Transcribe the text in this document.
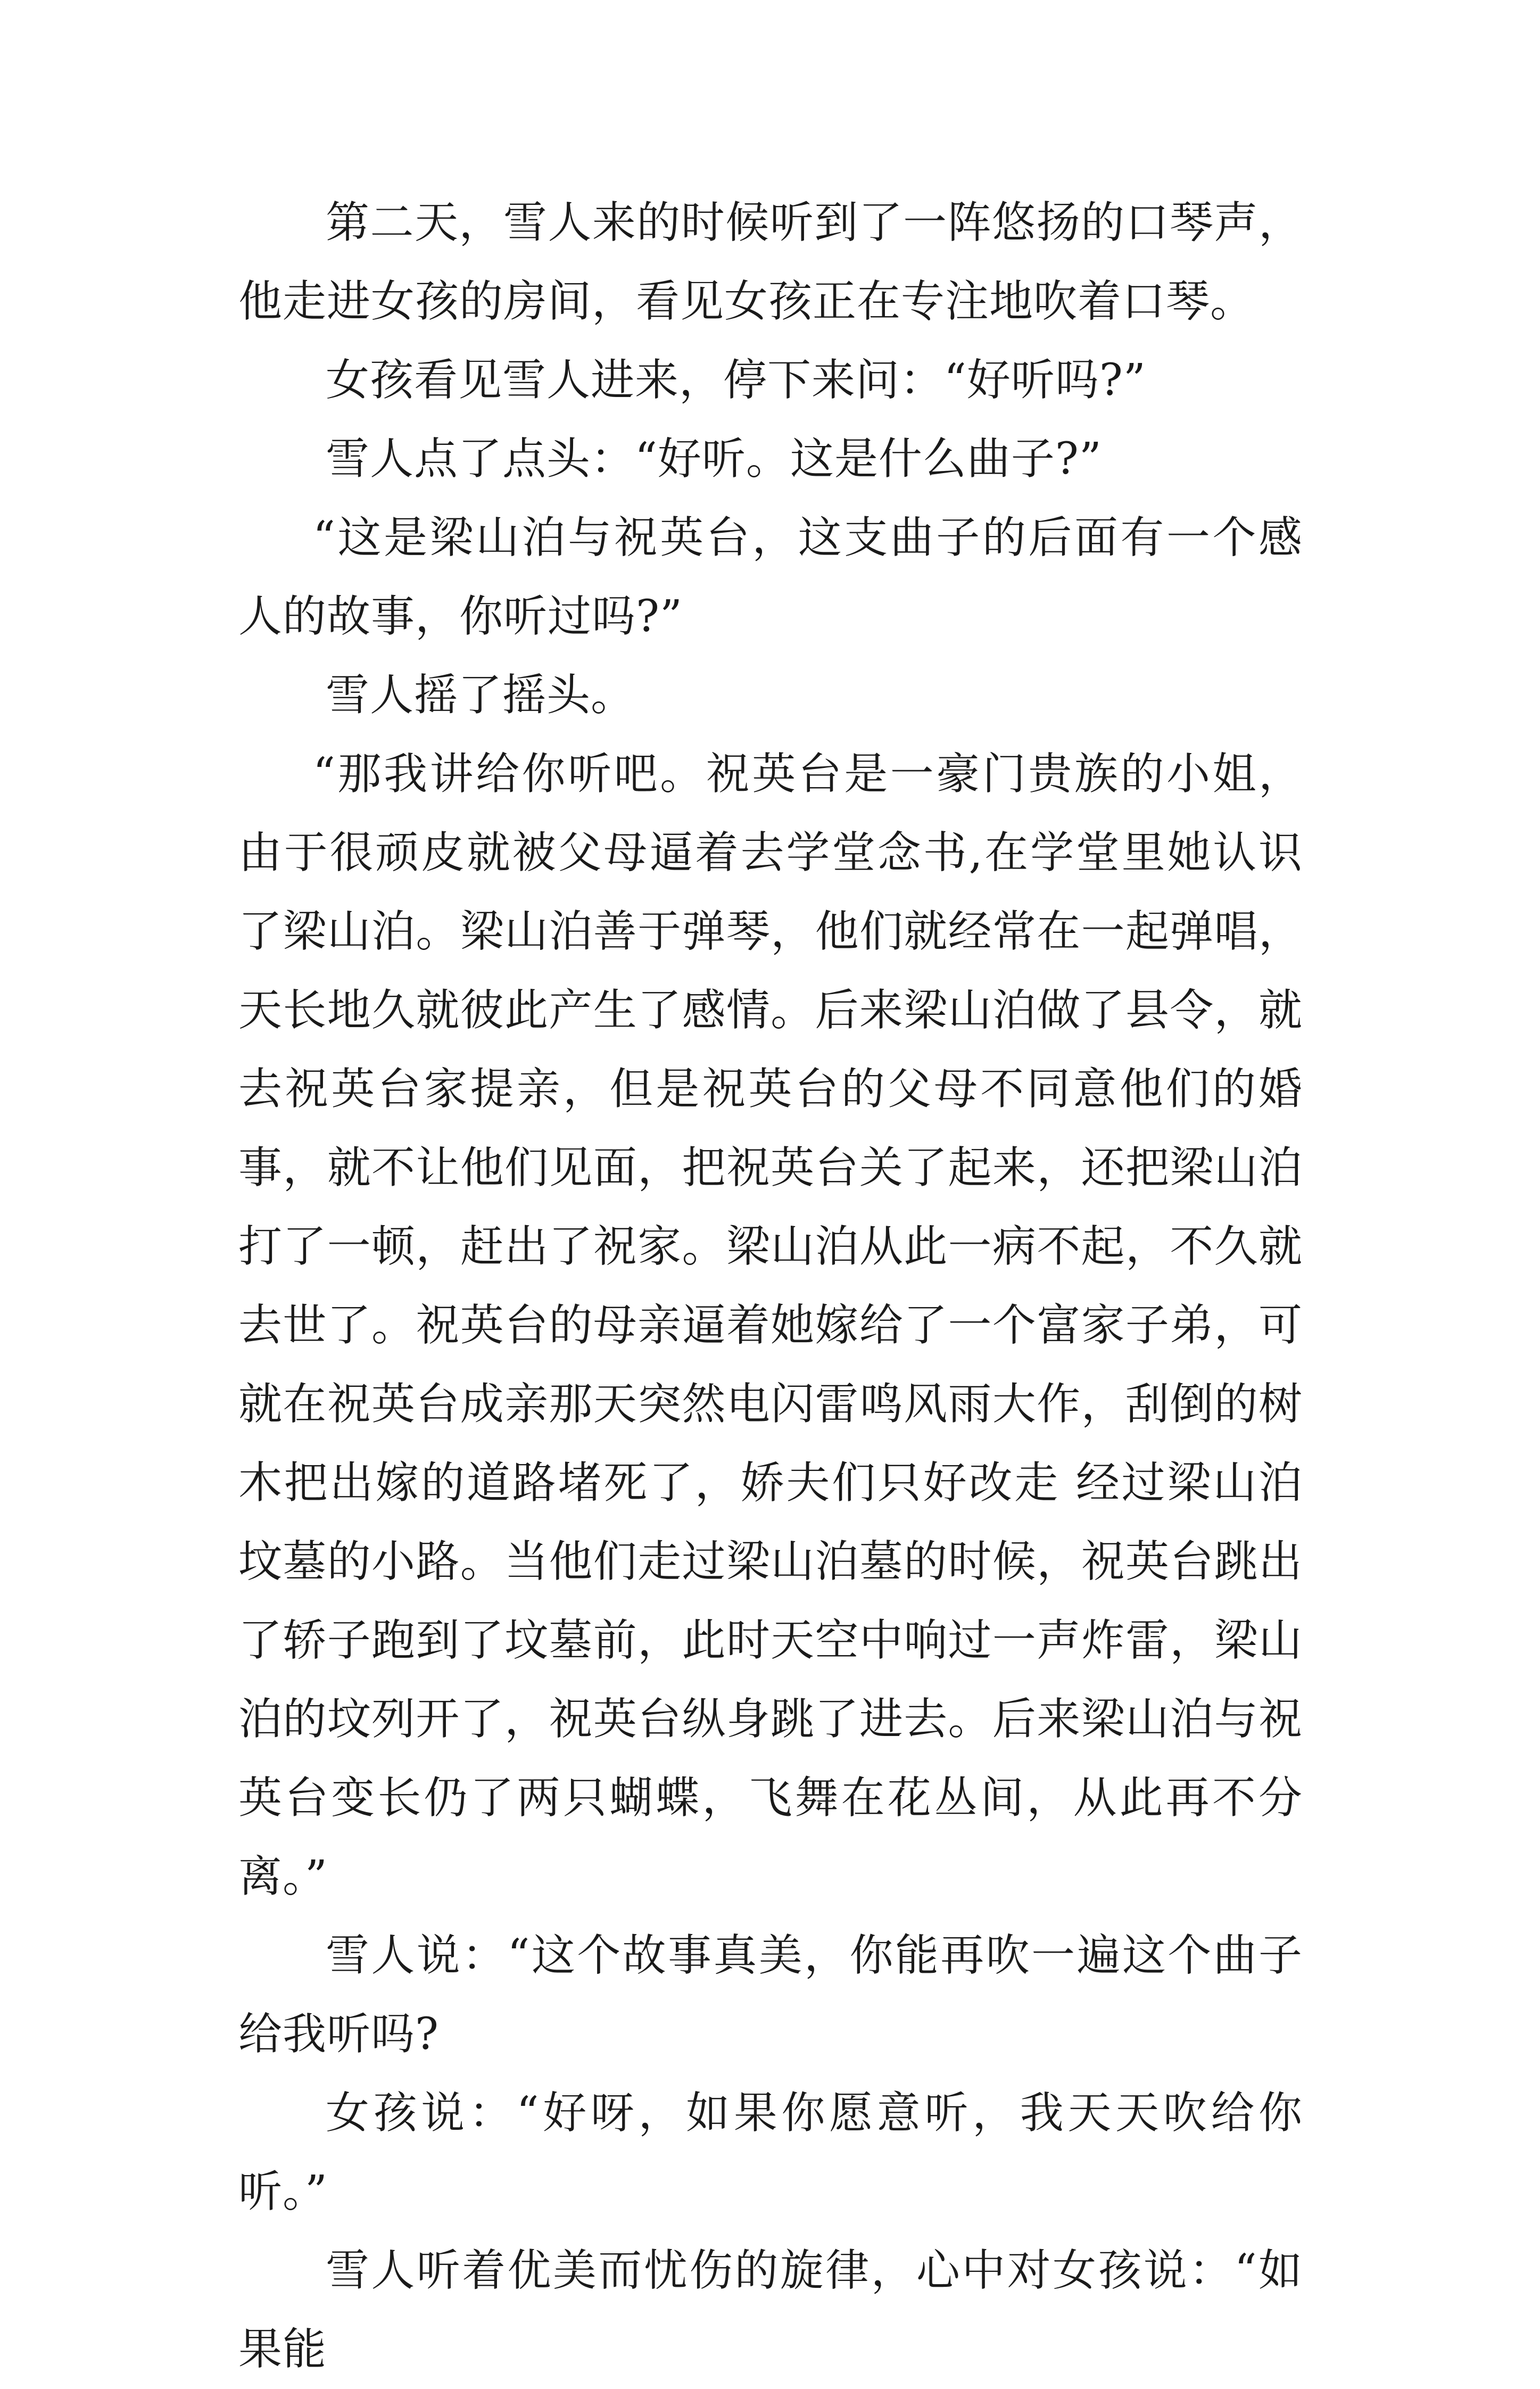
第二天，雪人来的时候听到了一阵悠扬的口琴声，他走进女孩的房间，看见女孩正在专注地吹着口琴。

女孩看见雪人进来，停下来问：“好听吗?”

雪人点了点头：“好听。这是什么曲子?”

“这是梁山泊与祝英台，这支曲子的后面有一个感人的故事，你听过吗?”

雪人摇了摇头。

“那我讲给你听吧。祝英台是一豪门贵族的小姐，由于很顽皮就被父母逼着去学堂念书,在学堂里她认识了梁山泊。梁山泊善于弹琴，他们就经常在一起弹唱，天长地久就彼此产生了感情。后来梁山泊做了县令，就去祝英台家提亲，但是祝英台的父母不同意他们的婚事，就不让他们见面，把祝英台关了起来，还把梁山泊打了一顿，赶出了祝家。梁山泊从此一病不起，不久就去世了。祝英台的母亲逼着她嫁给了一个富家子弟，可就在祝英台成亲那天突然电闪雷鸣风雨大作，刮倒的树木把出嫁的道路堵死了，娇夫们只好改走 经过梁山泊坟墓的小路。当他们走过梁山泊墓的时候，祝英台跳出了轿子跑到了坟墓前，此时天空中响过一声炸雷，梁山泊的坟列开了，祝英台纵身跳了进去。后来梁山泊与祝英台变长仍了两只蝴蝶，飞舞在花丛间，从此再不分离。”

雪人说：“这个故事真美，你能再吹一遍这个曲子给我听吗?

女孩说：“好呀，如果你愿意听，我天天吹给你听。”

雪人听着优美而忧伤的旋律，心中对女孩说：“如果能
